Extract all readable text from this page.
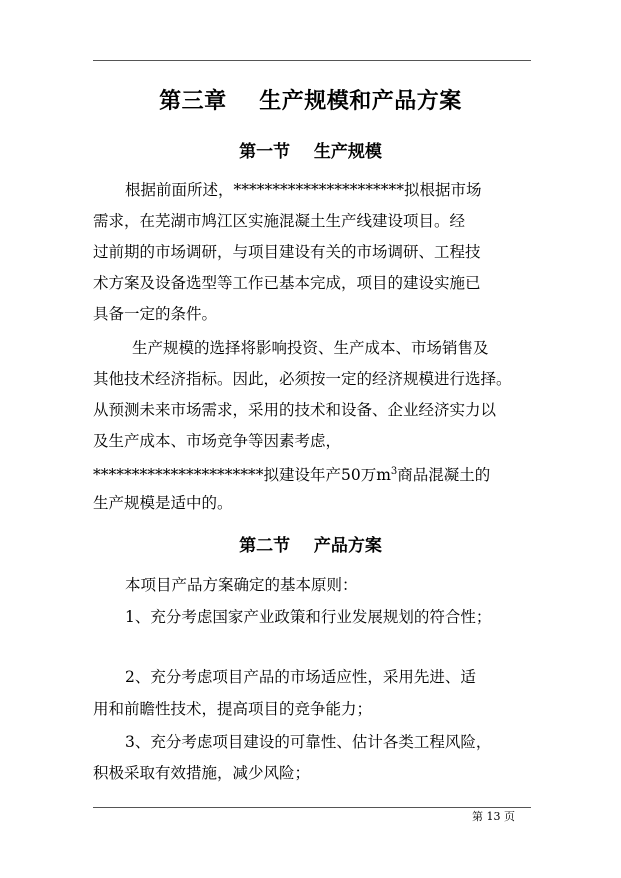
第三章    生产规模和产品方案
第一节    生产规模
根据前面所述，**********************拟根据市场
需求，在芜湖市鸠江区实施混凝土生产线建设项目。经
过前期的市场调研，与项目建设有关的市场调研、工程技
术方案及设备选型等工作已基本完成，项目的建设实施已
具备一定的条件。
生产规模的选择将影响投资、生产成本、市场销售及
其他技术经济指标。因此，必须按一定的经济规模进行选择。
从预测未来市场需求，采用的技术和设备、企业经济实力以
及生产成本、市场竞争等因素考虑，
**********************拟建设年产50万$m^3$商品混凝土的
生产规模是适中的。
第二节    产品方案
本项目产品方案确定的基本原则：
1、充分考虑国家产业政策和行业发展规划的符合性；
2、充分考虑项目产品的市场适应性，采用先进、适
用和前瞻性技术，提高项目的竞争能力；
3、充分考虑项目建设的可靠性、估计各类工程风险，
积极采取有效措施，减少风险；
第 13 页
